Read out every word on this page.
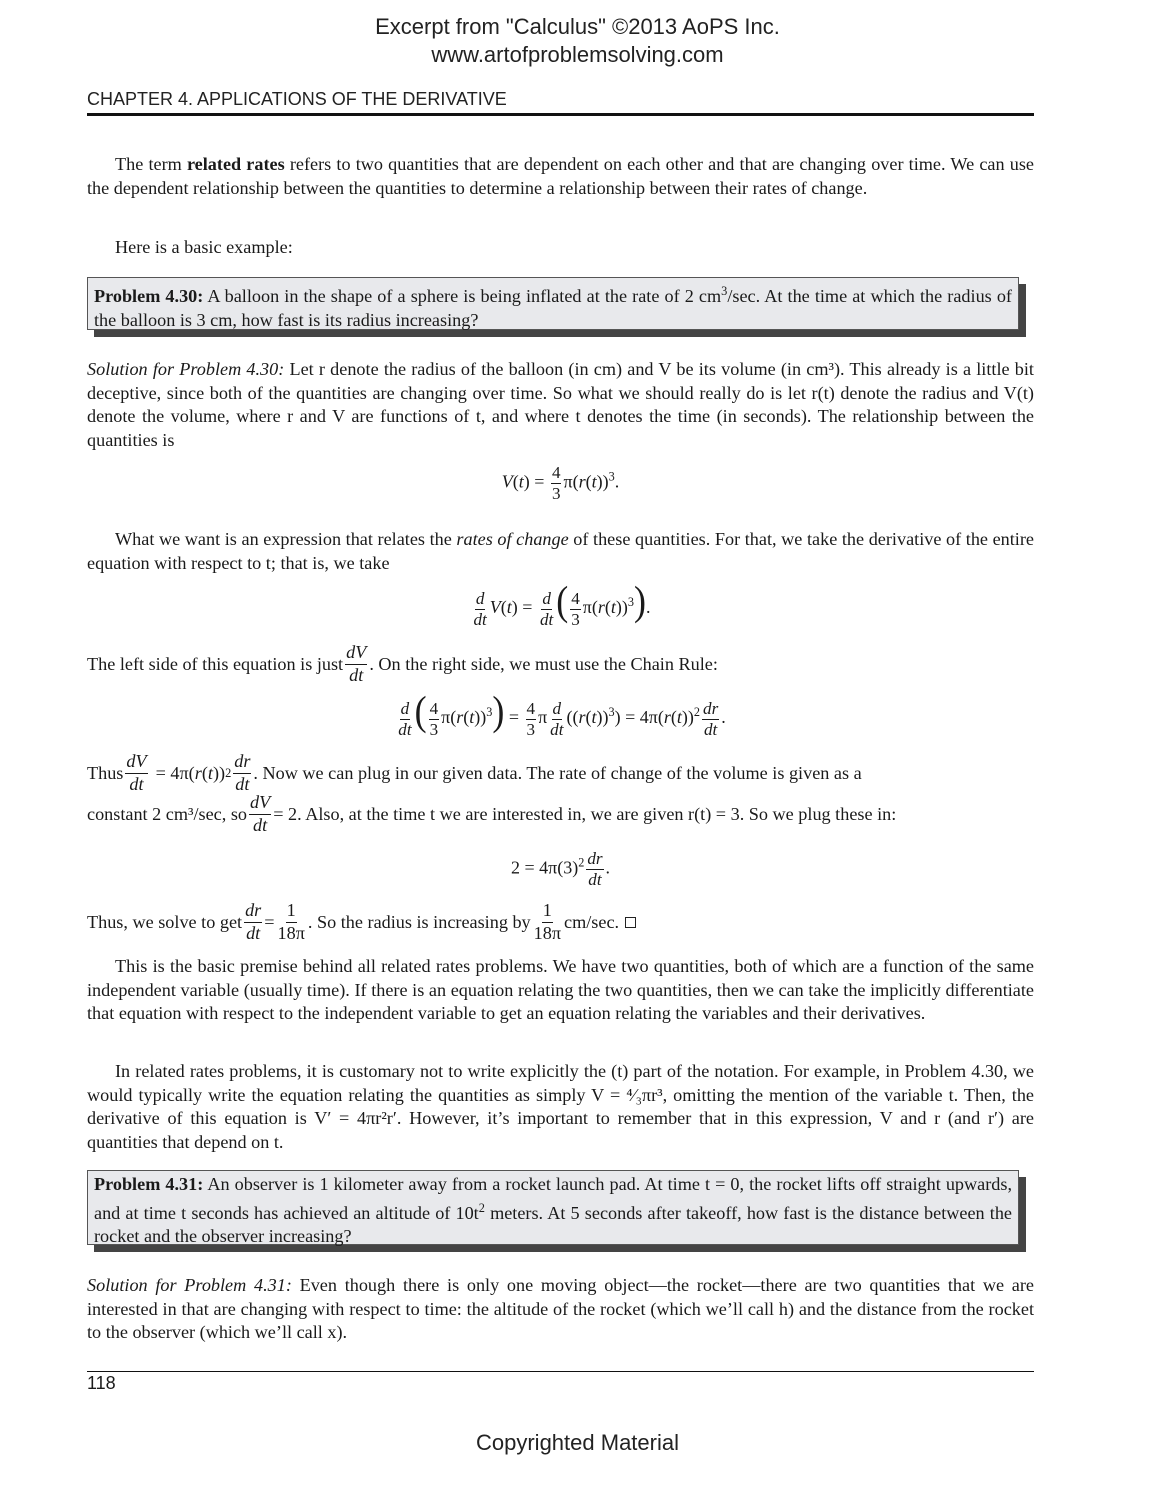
Excerpt from "Calculus" ©2013 AoPS Inc.
www.artofproblemsolving.com
CHAPTER 4. APPLICATIONS OF THE DERIVATIVE

The term related rates refers to two quantities that are dependent on each other and that are changing over time. We can use the dependent relationship between the quantities to determine a relationship between their rates of change.

Here is a basic example:

Problem 4.30: A balloon in the shape of a sphere is being inflated at the rate of 2 $cm^3/\sec$. At the time at which the radius of the balloon is 3 cm, how fast is its radius increasing?

Solution for Problem 4.30: Let r denote the radius of the balloon (in cm) and V be its volume (in cm³). This already is a little bit deceptive, since both of the quantities are changing over time. So what we should really do is let r(t) denote the radius and V(t) denote the volume, where r and V are functions of t, and where t denotes the time (in seconds). The relationship between the quantities is

$V(t) = \frac{4}{3} \pi(r(t))^3$.

What we want is an expression that relates the rates of change of these quantities. For that, we take the derivative of the entire equation with respect to t; that is, we take

$\frac{d}{dt} V(t) = \frac{d}{dt}$ ( $\frac{4}{3} \pi(r(t))^3$).
The left side of this equation is just $\frac{dV}{dt}$ . On the right side, we must use the Chain Rule:
$\frac{d}{dt}$ ( $\frac{4}{3} \pi(r(t))^3) = \frac{4}{3}$ π $\frac{d}{dt} ((r(t))^3) = 4\pi(r(t))^2 \frac{dr}{dt}$ .
Thus $\frac{dV}{dt} = 4\pi$( r ( t )) $2 \frac{dr}{dt}$ . Now we can plug in our given data. The rate of change of the volume is given as a
constant 2 cm³/sec, so $\frac{dV}{dt} = 2$. Also, at the time t we are interested in, we are given r(t) = 3. So we plug these in:
$2 = 4\pi(3)^2 \frac{dr}{dt}$ .
Thus, we solve to get $\frac{dr}{dt} = \frac{1}{18\pi}$ . So the radius is increasing by $\frac{1}{18\pi} cm/\sec$.

This is the basic premise behind all related rates problems. We have two quantities, both of which are a function of the same independent variable (usually time). If there is an equation relating the two quantities, then we can take the implicitly differentiate that equation with respect to the independent variable to get an equation relating the variables and their derivatives.

In related rates problems, it is customary not to write explicitly the (t) part of the notation. For example, in Problem 4.30, we would typically write the equation relating the quantities as simply V = ⁴⁄₃πr³, omitting the mention of the variable t. Then, the derivative of this equation is V′ = 4πr²r′. However, it’s important to remember that in this expression, V and r (and r′) are quantities that depend on t.

Problem 4.31: An observer is 1 kilometer away from a rocket launch pad. At time t = 0, the rocket lifts off straight upwards, and at time t seconds has achieved an altitude of $10t^2$ meters. At 5 seconds after takeoff, how fast is the distance between the rocket and the observer increasing?

Solution for Problem 4.31: Even though there is only one moving object—the rocket—there are two quantities that we are interested in that are changing with respect to time: the altitude of the rocket (which we’ll call h) and the distance from the rocket to the observer (which we’ll call x).

118
Copyrighted Material
